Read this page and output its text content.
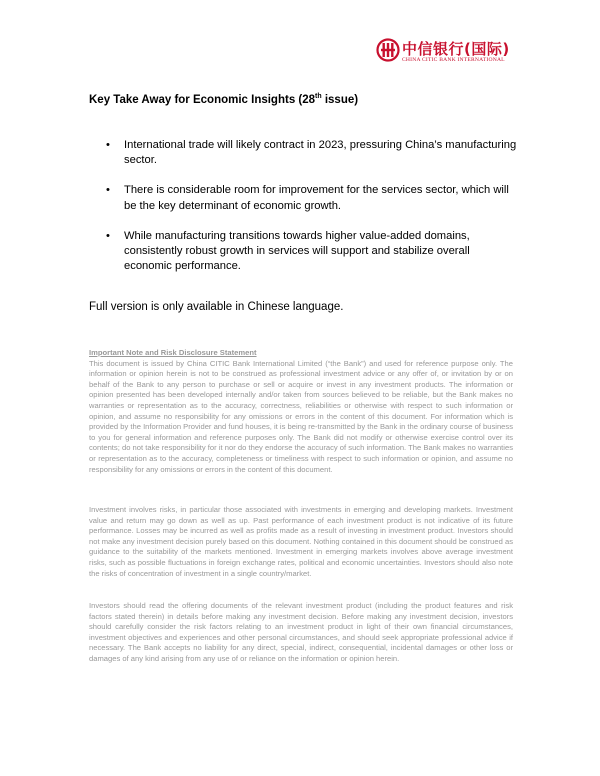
中信银行(国际)
CHINA CITIC BANK INTERNATIONAL
Key Take Away for Economic Insights (28th issue)
• International trade will likely contract in 2023, pressuring China’s manufacturing sector.
• There is considerable room for improvement for the services sector, which will be the key determinant of economic growth.
• While manufacturing transitions towards higher value-added domains, consistently robust growth in services will support and stabilize overall economic performance.
Full version is only available in Chinese language.
Important Note and Risk Disclosure Statement
This document is issued by China CITIC Bank International Limited (“the Bank”) and used for reference purpose only. The information or opinion herein is not to be construed as professional investment advice or any offer of, or invitation by or on behalf of the Bank to any person to purchase or sell or acquire or invest in any investment products. The information or opinion presented has been developed internally and/or taken from sources believed to be reliable, but the Bank makes no warranties or representation as to the accuracy, correctness, reliabilities or otherwise with respect to such information or opinion, and assume no responsibility for any omissions or errors in the content of this document. For information which is provided by the Information Provider and fund houses, it is being re-transmitted by the Bank in the ordinary course of business to you for general information and reference purposes only. The Bank did not modify or otherwise exercise control over its contents; do not take responsibility for it nor do they endorse the accuracy of such information. The Bank makes no warranties or representation as to the accuracy, completeness or timeliness with respect to such information or opinion, and assume no responsibility for any omissions or errors in the content of this document.
Investment involves risks, in particular those associated with investments in emerging and developing markets. Investment value and return may go down as well as up. Past performance of each investment product is not indicative of its future performance. Losses may be incurred as well as profits made as a result of investing in investment product. Investors should not make any investment decision purely based on this document. Nothing contained in this document should be construed as guidance to the suitability of the markets mentioned. Investment in emerging markets involves above average investment risks, such as possible fluctuations in foreign exchange rates, political and economic uncertainties. Investors should also note the risks of concentration of investment in a single country/market.
Investors should read the offering documents of the relevant investment product (including the product features and risk factors stated therein) in details before making any investment decision. Before making any investment decision, investors should carefully consider the risk factors relating to an investment product in light of their own financial circumstances, investment objectives and experiences and other personal circumstances, and should seek appropriate professional advice if necessary. The Bank accepts no liability for any direct, special, indirect, consequential, incidental damages or other loss or damages of any kind arising from any use of or reliance on the information or opinion herein.
